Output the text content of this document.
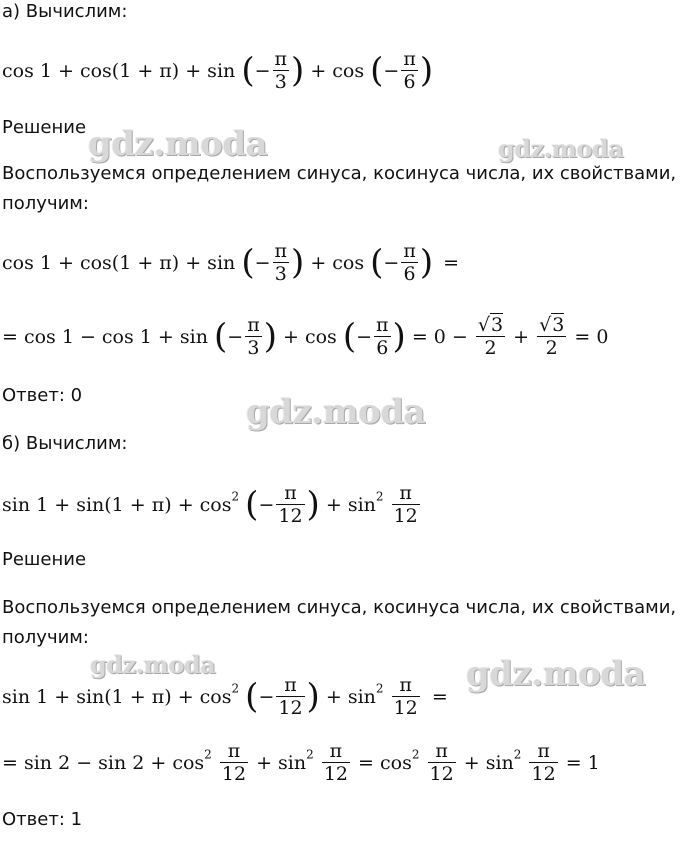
а) Вычислим:
cos 1 + cos(1 + π) + sin (− $\frac{\pi}{3}$ ) + cos (− $\frac{\pi}{6}$ )
Решение
Воспользуемся определением синуса, косинуса числа, их свойствами,
получим:
cos 1 + cos(1 + π) + sin (− $\frac{\pi}{3}$ ) + cos (− $\frac{\pi}{6}$ ) =
= cos 1 − cos 1 + sin (− $\frac{\pi}{3}$ ) + cos (− $\frac{\pi}{6}$ ) = $0 - \frac{√3}{2} + \frac{√3}{2} = 0$
Ответ: 0
б) Вычислим:
$\sin 1 + \sin(1 + \pi) + \cos^2$ (− $\frac{\pi}{12}$ ) + $\sin^2 \frac{\pi}{12}$
Решение
Воспользуемся определением синуса, косинуса числа, их свойствами,
получим:
$\sin 1 + \sin(1 + \pi) + \cos^2$ (− $\frac{\pi}{12}$ ) + $\sin^2 \frac{\pi}{12}$ =
= $\sin 2 - \sin 2 + \cos^2 \frac{\pi}{12} + \sin^2 \frac{\pi}{12} = \cos^2 \frac{\pi}{12} + \sin^2 \frac{\pi}{12} = 1$
Ответ: 1
gdz.moda	gdz.moda
gdz.moda
gdz.moda	gdz.moda
